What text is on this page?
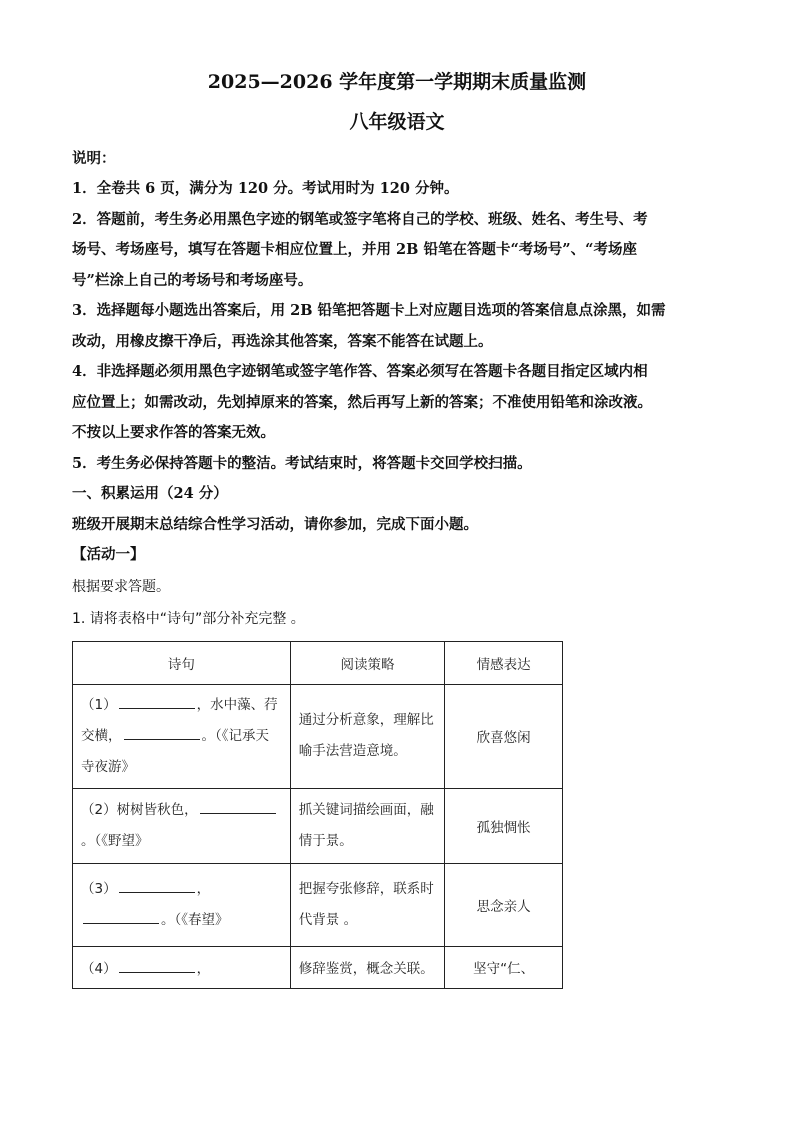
2025—2026 学年度第一学期期末质量监测

八年级语文

说明：

1．全卷共 6 页，满分为 120 分。考试用时为 120 分钟。

2．答题前，考生务必用黑色字迹的钢笔或签字笔将自己的学校、班级、姓名、考生号、考

场号、考场座号，填写在答题卡相应位置上，并用 2B 铅笔在答题卡“考场号”、“考场座

号”栏涂上自己的考场号和考场座号。

3．选择题每小题选出答案后，用 2B 铅笔把答题卡上对应题目选项的答案信息点涂黑，如需

改动，用橡皮擦干净后，再选涂其他答案，答案不能答在试题上。

4．非选择题必须用黑色字迹钢笔或签字笔作答、答案必须写在答题卡各题目指定区域内相

应位置上；如需改动，先划掉原来的答案，然后再写上新的答案；不准使用铅笔和涂改液。

不按以上要求作答的答案无效。

5．考生务必保持答题卡的整洁。考试结束时，将答题卡交回学校扫描。

一、积累运用（24 分）

班级开展期末总结综合性学习活动，请你参加，完成下面小题。

【活动一】

根据要求答题。

1. 请将表格中“诗句”部分补充完整 。

诗句	阅读策略	情感表达
（1） ，水中藻、荇交横， 。（《记承天寺夜游》	通过分析意象，理解比喻手法营造意境。	欣喜悠闲
（2）树树皆秋色，。（《野望》	抓关键词描绘画面，融情于景。	孤独惆怅
（3） ，
。（《春望》	把握夸张修辞，联系时代背景 。	思念亲人
（4） ，	修辞鉴赏，概念关联。	坚守“仁、
